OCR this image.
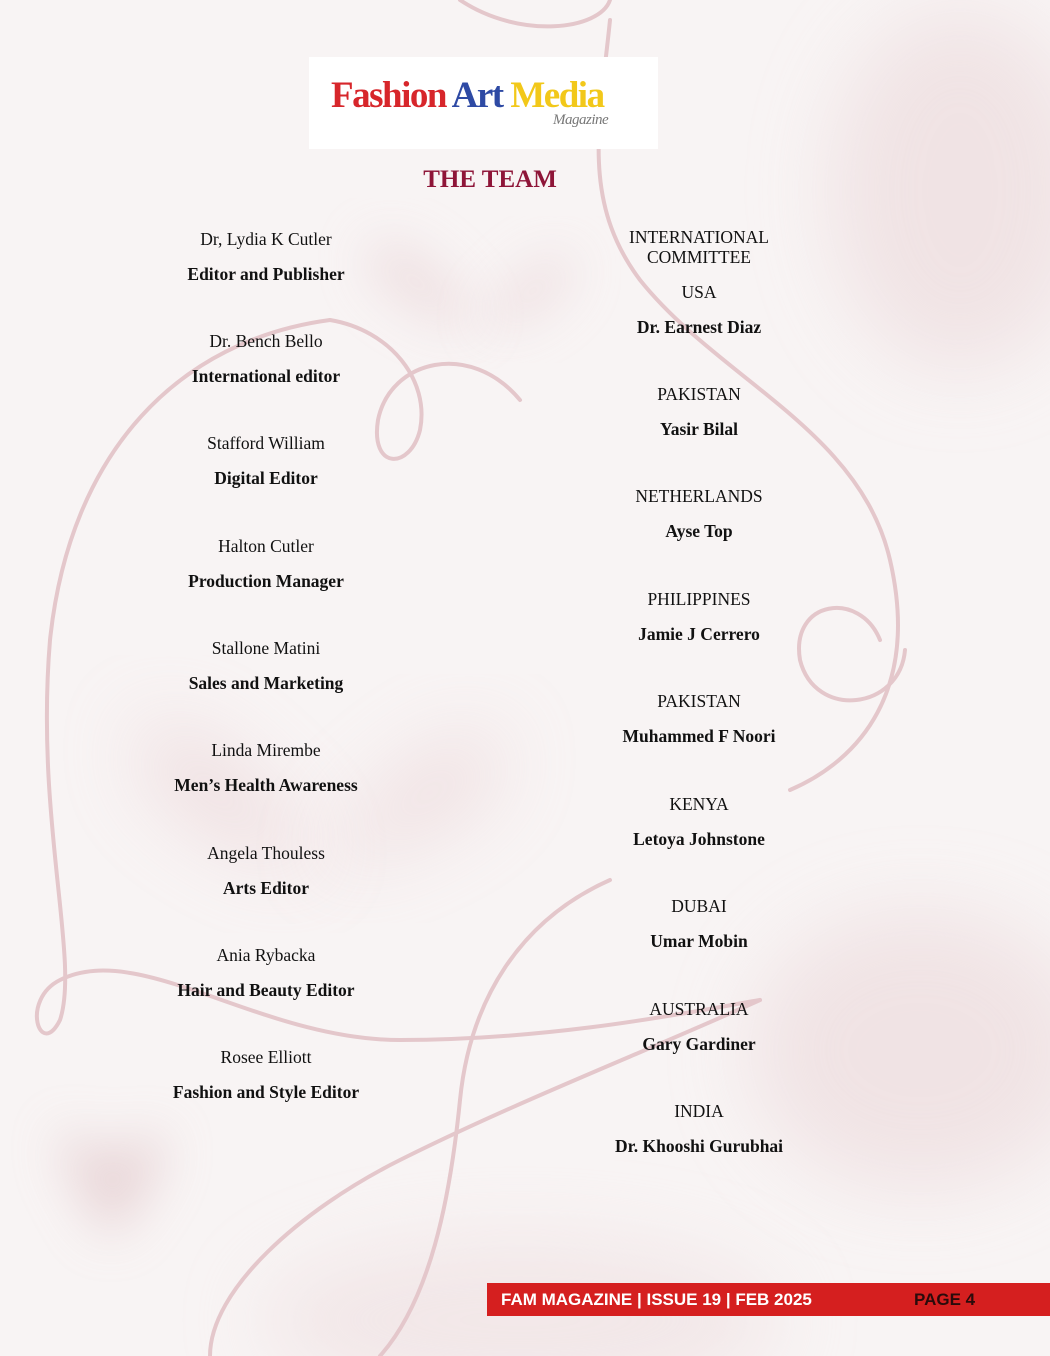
Fashion Art Media
Magazine
THE TEAM
Dr, Lydia K Cutler
Editor and Publisher
Dr. Bench Bello
International editor
Stafford William
Digital Editor
Halton Cutler
Production Manager
Stallone Matini
Sales and Marketing
Linda Mirembe
Men’s Health Awareness
Angela Thouless
Arts Editor
Ania Rybacka
Hair and Beauty Editor
Rosee Elliott
Fashion and Style Editor
INTERNATIONAL
COMMITTEE
USA
Dr. Earnest Diaz
PAKISTAN
Yasir Bilal
NETHERLANDS
Ayse Top
PHILIPPINES
Jamie J Cerrero
PAKISTAN
Muhammed F Noori
KENYA
Letoya Johnstone
DUBAI
Umar Mobin
AUSTRALIA
Gary Gardiner
INDIA
Dr. Khooshi Gurubhai
FAM MAGAZINE | ISSUE 19 | FEB 2025	PAGE 4
